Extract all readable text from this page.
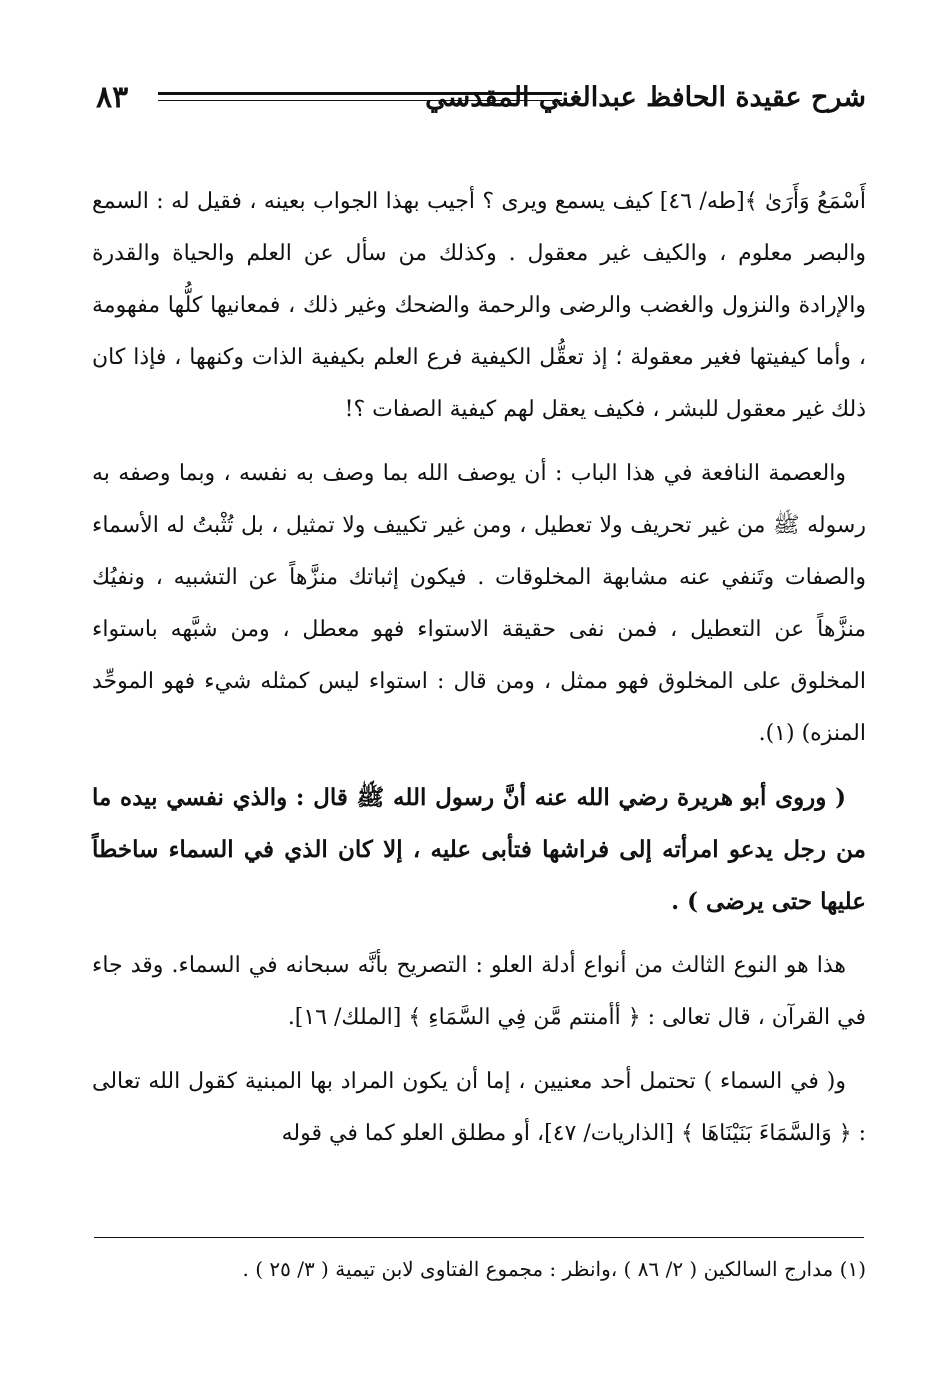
٨٣	شرح عقيدة الحافظ عبدالغني المقدسي

أَسْمَعُ وَأَرَىٰ ﴾[طه/ ٤٦] كيف يسمع ويرى ؟ أجيب بهذا الجواب بعينه ، فقيل له : السمع والبصر معلوم ، والكيف غير معقول . وكذلك من سأل عن العلم والحياة والقدرة والإرادة والنزول والغضب والرضى والرحمة والضحك وغير ذلك ، فمعانيها كلُّها مفهومة ، وأما كيفيتها فغير معقولة ؛ إذ تعقُّل الكيفية فرع العلم بكيفية الذات وكنهها ، فإذا كان ذلك غير معقول للبشر ، فكيف يعقل لهم كيفية الصفات ؟!

والعصمة النافعة في هذا الباب : أن يوصف الله بما وصف به نفسه ، وبما وصفه به رسوله ﷺ من غير تحريف ولا تعطيل ، ومن غير تكييف ولا تمثيل ، بل تُثْبتُ له الأسماء والصفات وتَنفي عنه مشابهة المخلوقات . فيكون إثباتك منزَّهاً عن التشبيه ، ونفيُك منزَّهاً عن التعطيل ، فمن نفى حقيقة الاستواء فهو معطل ، ومن شبَّهه باستواء المخلوق على المخلوق فهو ممثل ، ومن قال : استواء ليس كمثله شيء فهو الموحِّد المنزه) (١).

( وروى أبو هريرة رضي الله عنه أنَّ رسول الله ﷺ قال : والذي نفسي بيده ما من رجل يدعو امرأته إلى فراشها فتأبى عليه ، إلا كان الذي في السماء ساخطاً عليها حتى يرضى ) .

هذا هو النوع الثالث من أنواع أدلة العلو : التصريح بأنَّه سبحانه في السماء. وقد جاء في القرآن ، قال تعالى : ﴿ أأمنتم مَّن فِي السَّمَاءِ ﴾ [الملك/ ١٦].

و( في السماء ) تحتمل أحد معنيين ، إما أن يكون المراد بها المبنية كقول الله تعالى : ﴿ وَالسَّمَاءَ بَنَيْنَاهَا ﴾ [الذاريات/ ٤٧]، أو مطلق العلو كما في قوله

(١) مدارج السالكين ( ٢/ ٨٦ ) ،وانظر : مجموع الفتاوى لابن تيمية ( ٣/ ٢٥ ) .
